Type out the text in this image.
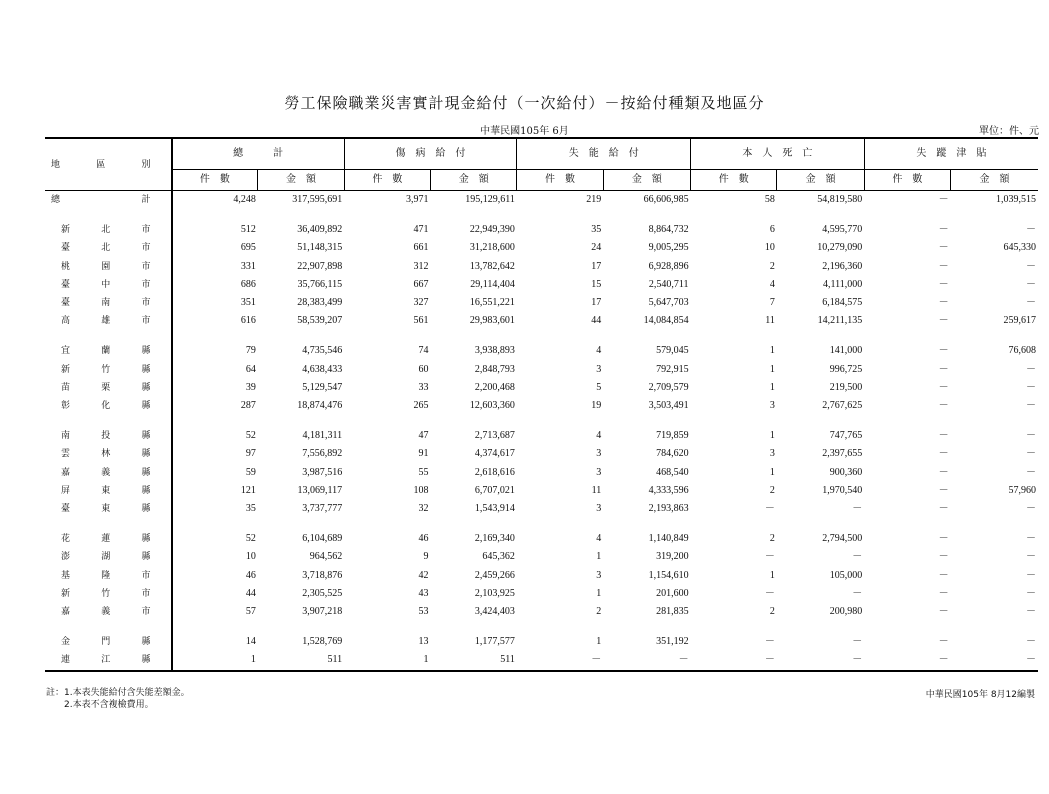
勞工保險職業災害實計現金給付（一次給付）－按給付種類及地區分
中華民國105年 6月	單位：件、元
地 區 別	總　　　計		傷　病　給　付		失　能　給　付		本　人　死　亡		失　蹤　津　貼	
	件　數	金　額	件　數	金　額	件　數	金　額	件　數	金　額	件　數	金　額

總 計	4,248	317,595,691	3,971	195,129,611	219	66,606,985	58	54,819,580	－	1,039,515

新 北 市	512	36,409,892	471	22,949,390	35	8,864,732	6	4,595,770	－	－

臺 北 市	695	51,148,315	661	31,218,600	24	9,005,295	10	10,279,090	－	645,330

桃 園 市	331	22,907,898	312	13,782,642	17	6,928,896	2	2,196,360	－	－

臺 中 市	686	35,766,115	667	29,114,404	15	2,540,711	4	4,111,000	－	－

臺 南 市	351	28,383,499	327	16,551,221	17	5,647,703	7	6,184,575	－	－

高 雄 市	616	58,539,207	561	29,983,601	44	14,084,854	11	14,211,135	－	259,617

宜 蘭 縣	79	4,735,546	74	3,938,893	4	579,045	1	141,000	－	76,608

新 竹 縣	64	4,638,433	60	2,848,793	3	792,915	1	996,725	－	－

苗 栗 縣	39	5,129,547	33	2,200,468	5	2,709,579	1	219,500	－	－

彰 化 縣	287	18,874,476	265	12,603,360	19	3,503,491	3	2,767,625	－	－

南 投 縣	52	4,181,311	47	2,713,687	4	719,859	1	747,765	－	－

雲 林 縣	97	7,556,892	91	4,374,617	3	784,620	3	2,397,655	－	－

嘉 義 縣	59	3,987,516	55	2,618,616	3	468,540	1	900,360	－	－

屏 東 縣	121	13,069,117	108	6,707,021	11	4,333,596	2	1,970,540	－	57,960

臺 東 縣	35	3,737,777	32	1,543,914	3	2,193,863	－	－	－	－

花 蓮 縣	52	6,104,689	46	2,169,340	4	1,140,849	2	2,794,500	－	－

澎 湖 縣	10	964,562	9	645,362	1	319,200	－	－	－	－

基 隆 市	46	3,718,876	42	2,459,266	3	1,154,610	1	105,000	－	－

新 竹 市	44	2,305,525	43	2,103,925	1	201,600	－	－	－	－

嘉 義 市	57	3,907,218	53	3,424,403	2	281,835	2	200,980	－	－

金 門 縣	14	1,528,769	13	1,177,577	1	351,192	－	－	－	－

連 江 縣	1	511	1	511	－	－	－	－	－	－
註：1.本表失能給付含失能差額金。
　　2.本表不含複檢費用。
中華民國105年 8月12編製
